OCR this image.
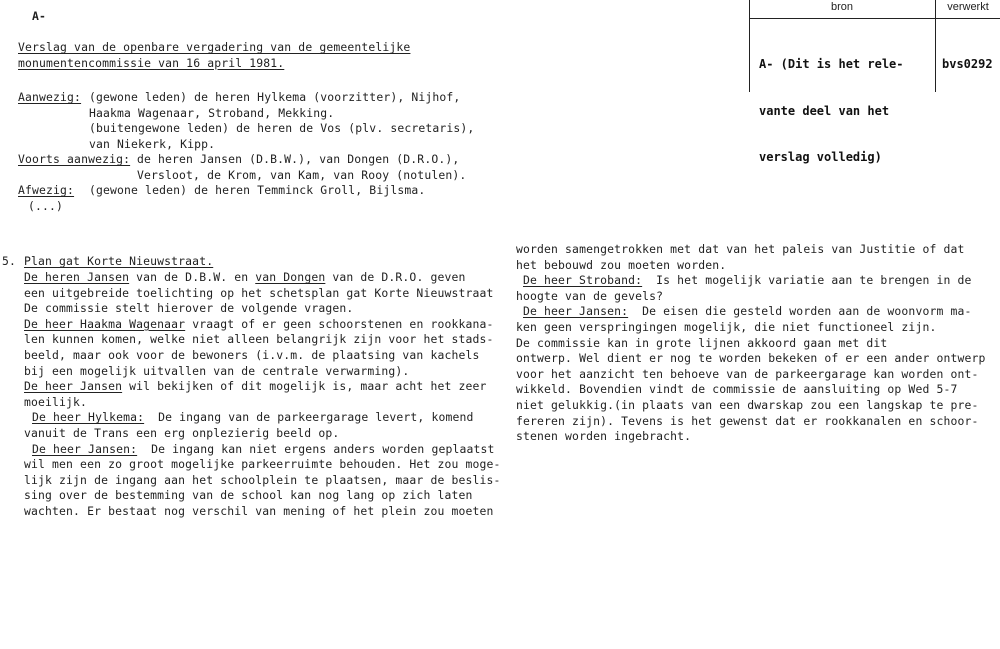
bron	verwerkt

A- (Dit is het rele-

vante deel van het

verslag volledig)

bvs0292
A-
Verslag van de openbare vergadering van de gemeentelijke
monumentencommissie van 16 april 1981.
Aanwezig: (gewone leden) de heren Hylkema (voorzitter), Nijhof,
Haakma Wagenaar, Stroband, Mekking.
(buitengewone leden) de heren de Vos (plv. secretaris),
van Niekerk, Kipp.
Voorts aanwezig: de heren Jansen (D.B.W.), van Dongen (D.R.O.),
Versloot, de Krom, van Kam, van Rooy (notulen).
Afwezig: (gewone leden) de heren Temminck Groll, Bijlsma.
(...)
5. Plan gat Korte Nieuwstraat.
De heren Jansen van de D.B.W. en van Dongen van de D.R.O. geven
een uitgebreide toelichting op het schetsplan gat Korte Nieuwstraat
De commissie stelt hierover de volgende vragen.
De heer Haakma Wagenaar vraagt of er geen schoorstenen en rookkana-
len kunnen komen, welke niet alleen belangrijk zijn voor het stads-
beeld, maar ook voor de bewoners (i.v.m. de plaatsing van kachels
bij een mogelijk uitvallen van de centrale verwarming).
De heer Jansen wil bekijken of dit mogelijk is, maar acht het zeer
moeilijk.
De heer Hylkema:  De ingang van de parkeergarage levert, komend
vanuit de Trans een erg onplezierig beeld op.
De heer Jansen:  De ingang kan niet ergens anders worden geplaatst
wil men een zo groot mogelijke parkeerruimte behouden. Het zou moge-
lijk zijn de ingang aan het schoolplein te plaatsen, maar de beslis-
sing over de bestemming van de school kan nog lang op zich laten
wachten. Er bestaat nog verschil van mening of het plein zou moeten
worden samengetrokken met dat van het paleis van Justitie of dat
het bebouwd zou moeten worden.
De heer Stroband:  Is het mogelijk variatie aan te brengen in de
hoogte van de gevels?
De heer Jansen:  De eisen die gesteld worden aan de woonvorm ma-
ken geen verspringingen mogelijk, die niet functioneel zijn.
De commissie kan in grote lijnen akkoord gaan met dit
ontwerp. Wel dient er nog te worden bekeken of er een ander ontwerp
voor het aanzicht ten behoeve van de parkeergarage kan worden ont-
wikkeld. Bovendien vindt de commissie de aansluiting op Wed 5-7
niet gelukkig.(in plaats van een dwarskap zou een langskap te pre-
fereren zijn). Tevens is het gewenst dat er rookkanalen en schoor-
stenen worden ingebracht.
